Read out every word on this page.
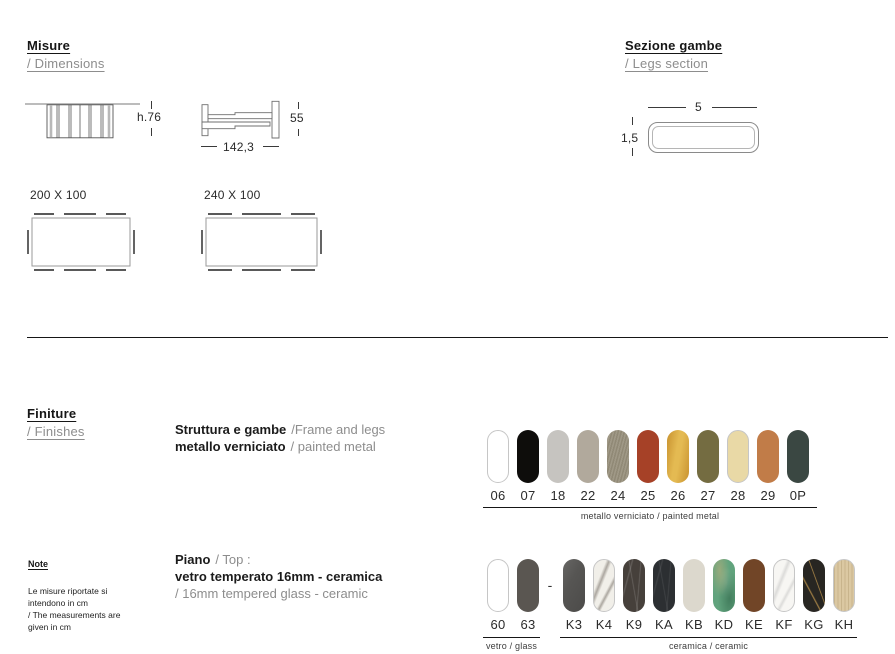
Misure
/ Dimensions
h.76	55
142,3
200 X 100	240 X 100
Sezione gambe
/ Legs section
5
1,5
Finiture
/ Finishes	Struttura e gambe /Frame and legs
metallo verniciato / painted metal
06 07 18 22 24 25 26 27 28 29 0P
metallo verniciato / painted metal
Note
Le misure riportate si intendono in cm
/ The measurements are given in cm
Piano / Top :
vetro temperato 16mm - ceramica
/ 16mm tempered glass - ceramic
60 63
vetro / glass
-
K3 K4 K9 KA KB KD KE KF KG KH
ceramica / ceramic
